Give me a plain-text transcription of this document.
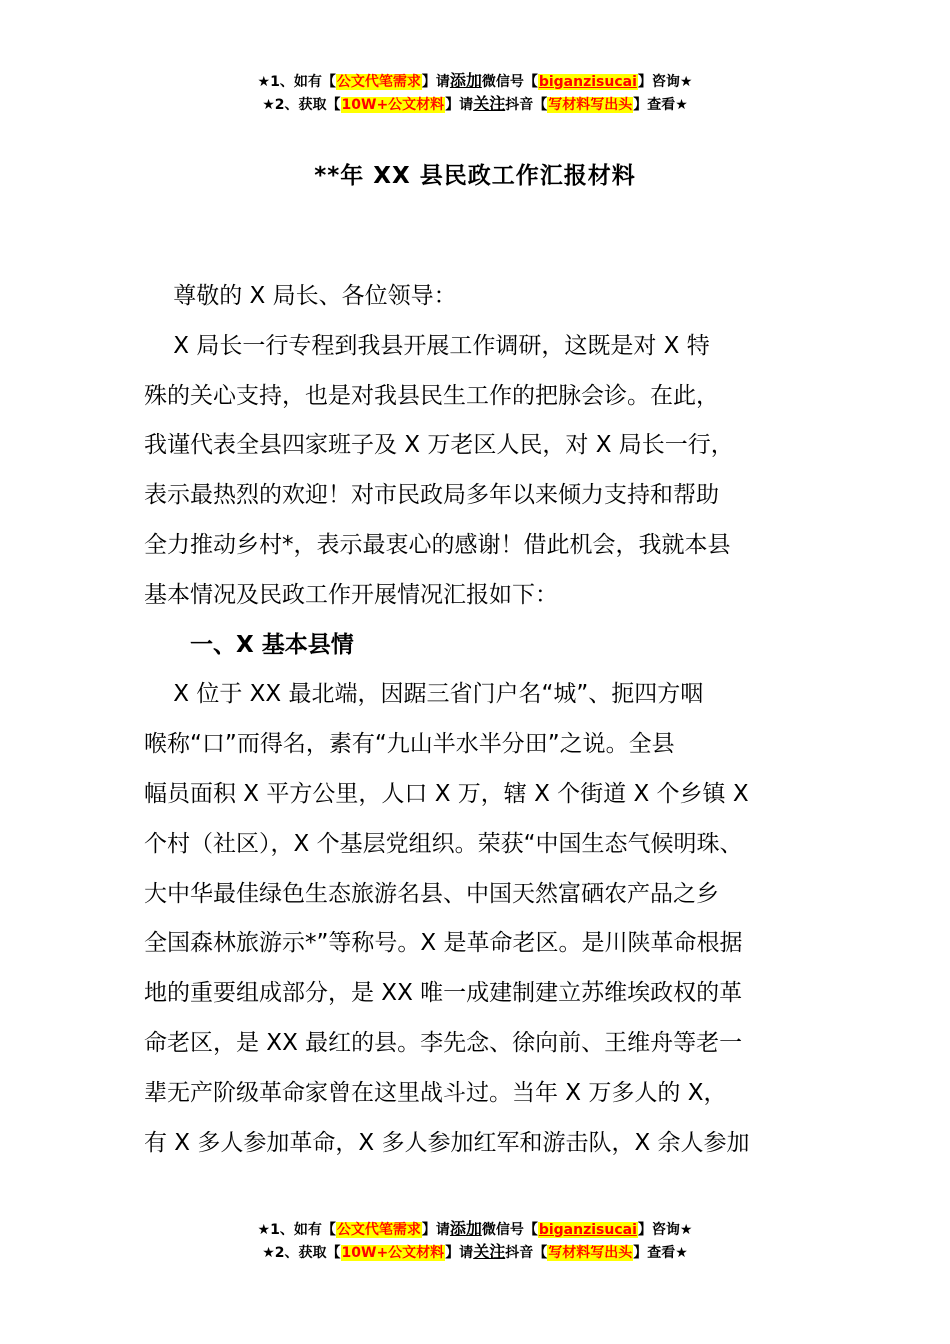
★1、如有【公文代笔需求】请添加微信号【biganzisucai】咨询★
★2、获取【10W+公文材料】请关注抖音【写材料写出头】查看★
**年 XX 县民政工作汇报材料

尊敬的 X 局长、各位领导：

X 局长一行专程到我县开展工作调研，这既是对 X 特

殊的关心支持，也是对我县民生工作的把脉会诊。在此，

我谨代表全县四家班子及 X 万老区人民，对 X 局长一行，

表示最热烈的欢迎！对市民政局多年以来倾力支持和帮助

全力推动乡村*，表示最衷心的感谢！借此机会，我就本县

基本情况及民政工作开展情况汇报如下：

一、X 基本县情

X 位于 XX 最北端，因踞三省门户名“城”、扼四方咽

喉称“口”而得名，素有“九山半水半分田”之说。全县

幅员面积 X 平方公里，人口 X 万，辖 X 个街道 X 个乡镇 X

个村（社区），X 个基层党组织。荣获“中国生态气候明珠、

大中华最佳绿色生态旅游名县、中国天然富硒农产品之乡

全国森林旅游示*”等称号。X 是革命老区。是川陕革命根据

地的重要组成部分，是 XX 唯一成建制建立苏维埃政权的革

命老区，是 XX 最红的县。李先念、徐向前、王维舟等老一

辈无产阶级革命家曾在这里战斗过。当年 X 万多人的 X，

有 X 多人参加革命，X 多人参加红军和游击队，X 余人参加

★1、如有【公文代笔需求】请添加微信号【biganzisucai】咨询★
★2、获取【10W+公文材料】请关注抖音【写材料写出头】查看★
